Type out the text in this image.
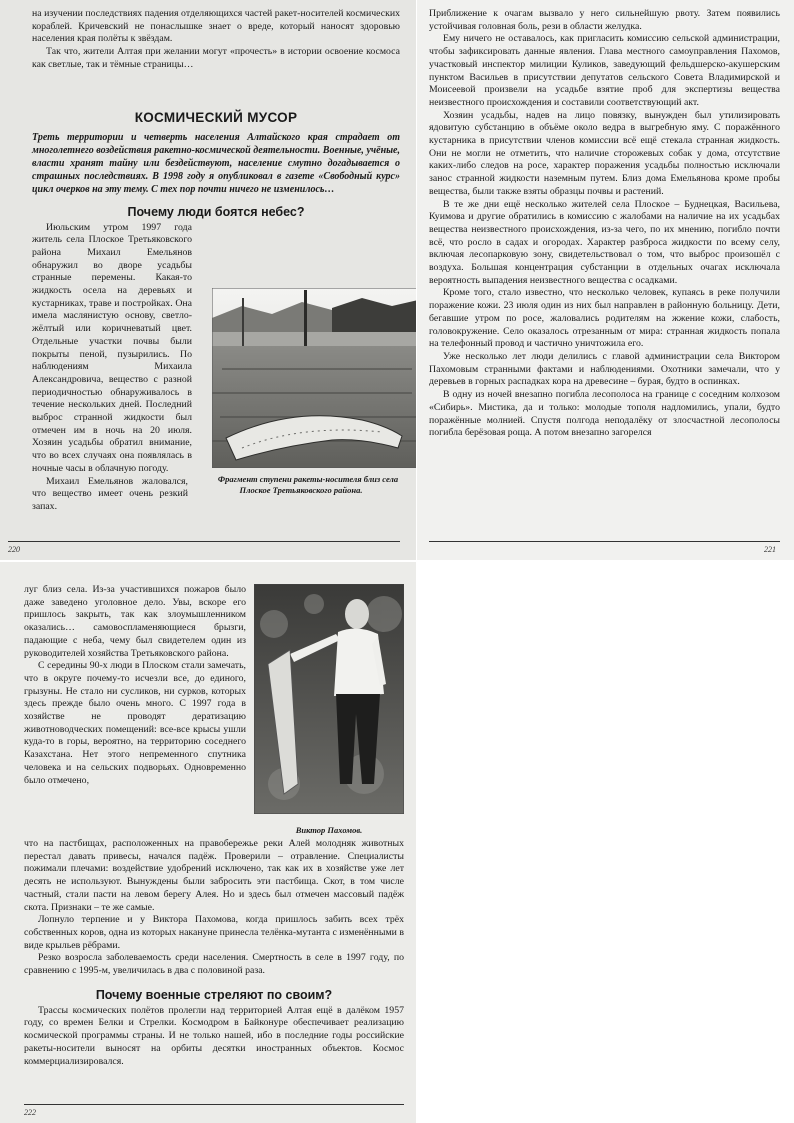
на изучении последствиях падения отделяющихся частей ракет-носителей космических кораблей. Кричевский не понаслышке знает о вреде, который наносят здоровью населения края полёты к звёздам.

Так что, жители Алтая при желании могут «прочесть» в истории освоение космоса как светлые, так и тёмные страницы…

КОСМИЧЕСКИЙ МУСОР
Треть территории и четверть населения Алтайского края страдает от многолетнего воздействия ракетно-космической деятельности. Военные, учёные, власти хранят тайну или бездействуют, население смутно догадывается о страшных последствиях. В 1998 году я опубликовал в газете «Свободный курс» цикл очерков на эту тему. С тех пор почти ничего не изменилось…
Почему люди боятся небес?

Фрагмент ступени ракеты-носителя близ села Плоское Третьяковского района.
Июльским утром 1997 года житель села Плоское Третьяковского района Михаил Емельянов обнаружил во дворе усадьбы странные перемены. Какая-то жидкость осела на деревьях и кустарниках, траве и постройках. Она имела маслянистую основу, светло-жёлтый или коричневатый цвет. Отдельные участки почвы были покрыты пеной, пузырились. По наблюдениям Михаила Александровича, вещество с разной периодичностью обнаруживалось в течение нескольких дней. Последний выброс странной жидкости был отмечен им в ночь на 20 июля. Хозяин усадьбы обратил внимание, что во всех случаях она появлялась в ночные часы в облачную погоду.

Михаил Емельянов жаловался, что вещество имеет очень резкий запах.

220

Приближение к очагам вызвало у него сильнейшую рвоту. Затем появились устойчивая головная боль, рези в области желудка.

Ему ничего не оставалось, как пригласить комиссию сельской администрации, чтобы зафиксировать данные явления. Глава местного самоуправления Пахомов, участковый инспектор милиции Куликов, заведующий фельдшерско-акушерским пунктом Васильев в присутствии депутатов сельского Совета Владимирской и Моисеевой произвели на усадьбе взятие проб для экспертизы вещества неизвестного происхождения и составили соответствующий акт.

Хозяин усадьбы, надев на лицо повязку, вынужден был утилизировать ядовитую субстанцию в объёме около ведра в выгребную яму. С поражённого кустарника в присутствии членов комиссии всё ещё стекала странная жидкость. Они не могли не отметить, что наличие сторожевых собак у дома, отсутствие каких-либо следов на росе, характер поражения усадьбы полностью исключали занос странной жидкости наземным путем. Близ дома Емельянова кроме пробы вещества, были также взяты образцы почвы и растений.

В те же дни ещё несколько жителей села Плоское – Буднецкая, Васильева, Куимова и другие обратились в комиссию с жалобами на наличие на их усадьбах вещества неизвестного происхождения, из-за чего, по их мнению, погибло почти всё, что росло в садах и огородах. Характер разброса жидкости по всему селу, включая лесопарковую зону, свидетельствовал о том, что выброс произошёл с воздуха. Большая концентрация субстанции в отдельных очагах исключала вероятность выпадения неизвестного вещества с осадками.

Кроме того, стало известно, что несколько человек, купаясь в реке получили поражение кожи. 23 июля один из них был направлен в районную больницу. Дети, бегавшие утром по росе, жаловались родителям на жжение кожи, слабость, головокружение. Село оказалось отрезанным от мира: странная жидкость попала на телефонный провод и частично уничтожила его.

Уже несколько лет люди делились с главой администрации села Виктором Пахомовым странными фактами и наблюдениями. Охотники замечали, что у деревьев в горных распадках кора на древесине – бурая, будто в оспинках.

В одну из ночей внезапно погибла лесополоса на границе с соседним колхозом «Сибирь». Мистика, да и только: молодые тополя надломились, упали, будто поражённые молнией. Спустя полгода неподалёку от злосчастной лесополосы погибла берёзовая роща. А потом внезапно загорелся

221
Виктор Пахомов.

луг близ села. Из-за участившихся пожаров было даже заведено уголовное дело. Увы, вскоре его пришлось закрыть, так как злоумышленником оказались… самовоспламеняющиеся брызги, падающие с неба, чему был свидетелем один из руководителей хозяйства Третьяковского района.

С середины 90-х люди в Плоском стали замечать, что в округе почему-то исчезли все, до единого, грызуны. Не стало ни сусликов, ни сурков, которых здесь прежде было очень много. С 1997 года в хозяйстве не проводят дератизацию животноводческих помещений: все-все крысы ушли куда-то в горы, вероятно, на территорию соседнего Казахстана. Нет этого непременного спутника человека и на сельских подворьях. Одновременно было отмечено,

что на пастбищах, расположенных на правобережье реки Алей молодняк животных перестал давать привесы, начался падёж. Проверили – отравление. Специалисты пожимали плечами: воздействие удобрений исключено, так как их в хозяйстве уже лет десять не используют. Вынуждены были забросить эти пастбища. Скот, в том числе частный, стали пасти на левом берегу Алея. Но и здесь был отмечен массовый падёж скота. Признаки – те же самые.

Лопнуло терпение и у Виктора Пахомова, когда пришлось забить всех трёх собственных коров, одна из которых накануне принесла телёнка-мутанта с изменёнными в виде крыльев рёбрами.

Резко возросла заболеваемость среди населения. Смертность в селе в 1997 году, по сравнению с 1995-м, увеличилась в два с половиной раза.

Почему военные стреляют по своим?

Трассы космических полётов пролегли над территорией Алтая ещё в далёком 1957 году, со времен Белки и Стрелки. Космодром в Байконуре обеспечивает реализацию космической программы страны. И не только нашей, ибо в последние годы российские ракеты-носители выносят на орбиты десятки иностранных объектов. Космос коммерциализировался.

222
